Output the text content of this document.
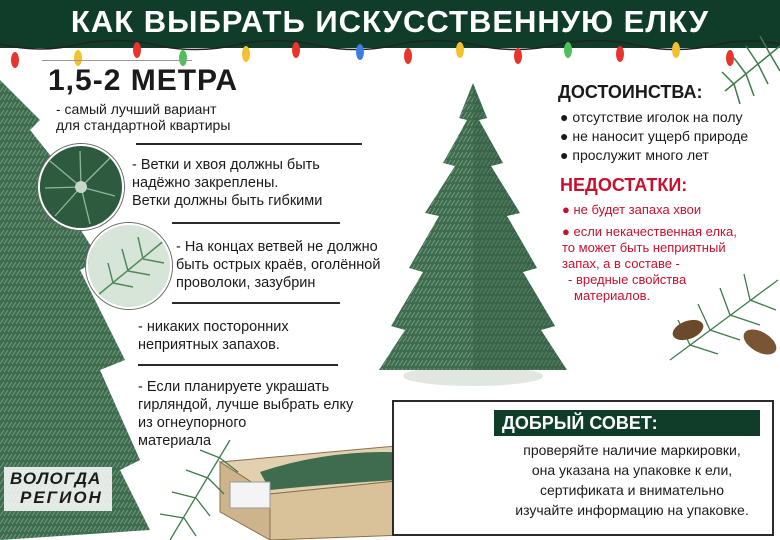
КАК ВЫБРАТЬ ИСКУССТВЕННУЮ ЕЛКУ
1,5-2 МЕТРА
- самый лучший вариант
для стандартной квартиры
- Ветки и хвоя должны быть
надёжно закреплены.
Ветки должны быть гибкими
- На концах ветвей не должно
быть острых краёв, оголённой
проволоки, зазубрин
- никаких посторонних
неприятных запахов.
- Если планируете украшать
гирляндой, лучше выбрать елку
из огнеупорного
материала
ДОСТОИНСТВА:
● отсутствие иголок на полу
● не наносит ущерб природе
● прослужит много лет
НЕДОСТАТКИ:
● не будет запаха хвои
● если некачественная елка,
то может быть неприятный
запах, а в составе -
- вредные свойства
материалов.
ДОБРЫЙ СОВЕТ:
проверяйте наличие маркировки,
она указана на упаковке к ели,
сертификата и внимательно
изучайте информацию на упаковке.
ВОЛОГДА
РЕГИОН
